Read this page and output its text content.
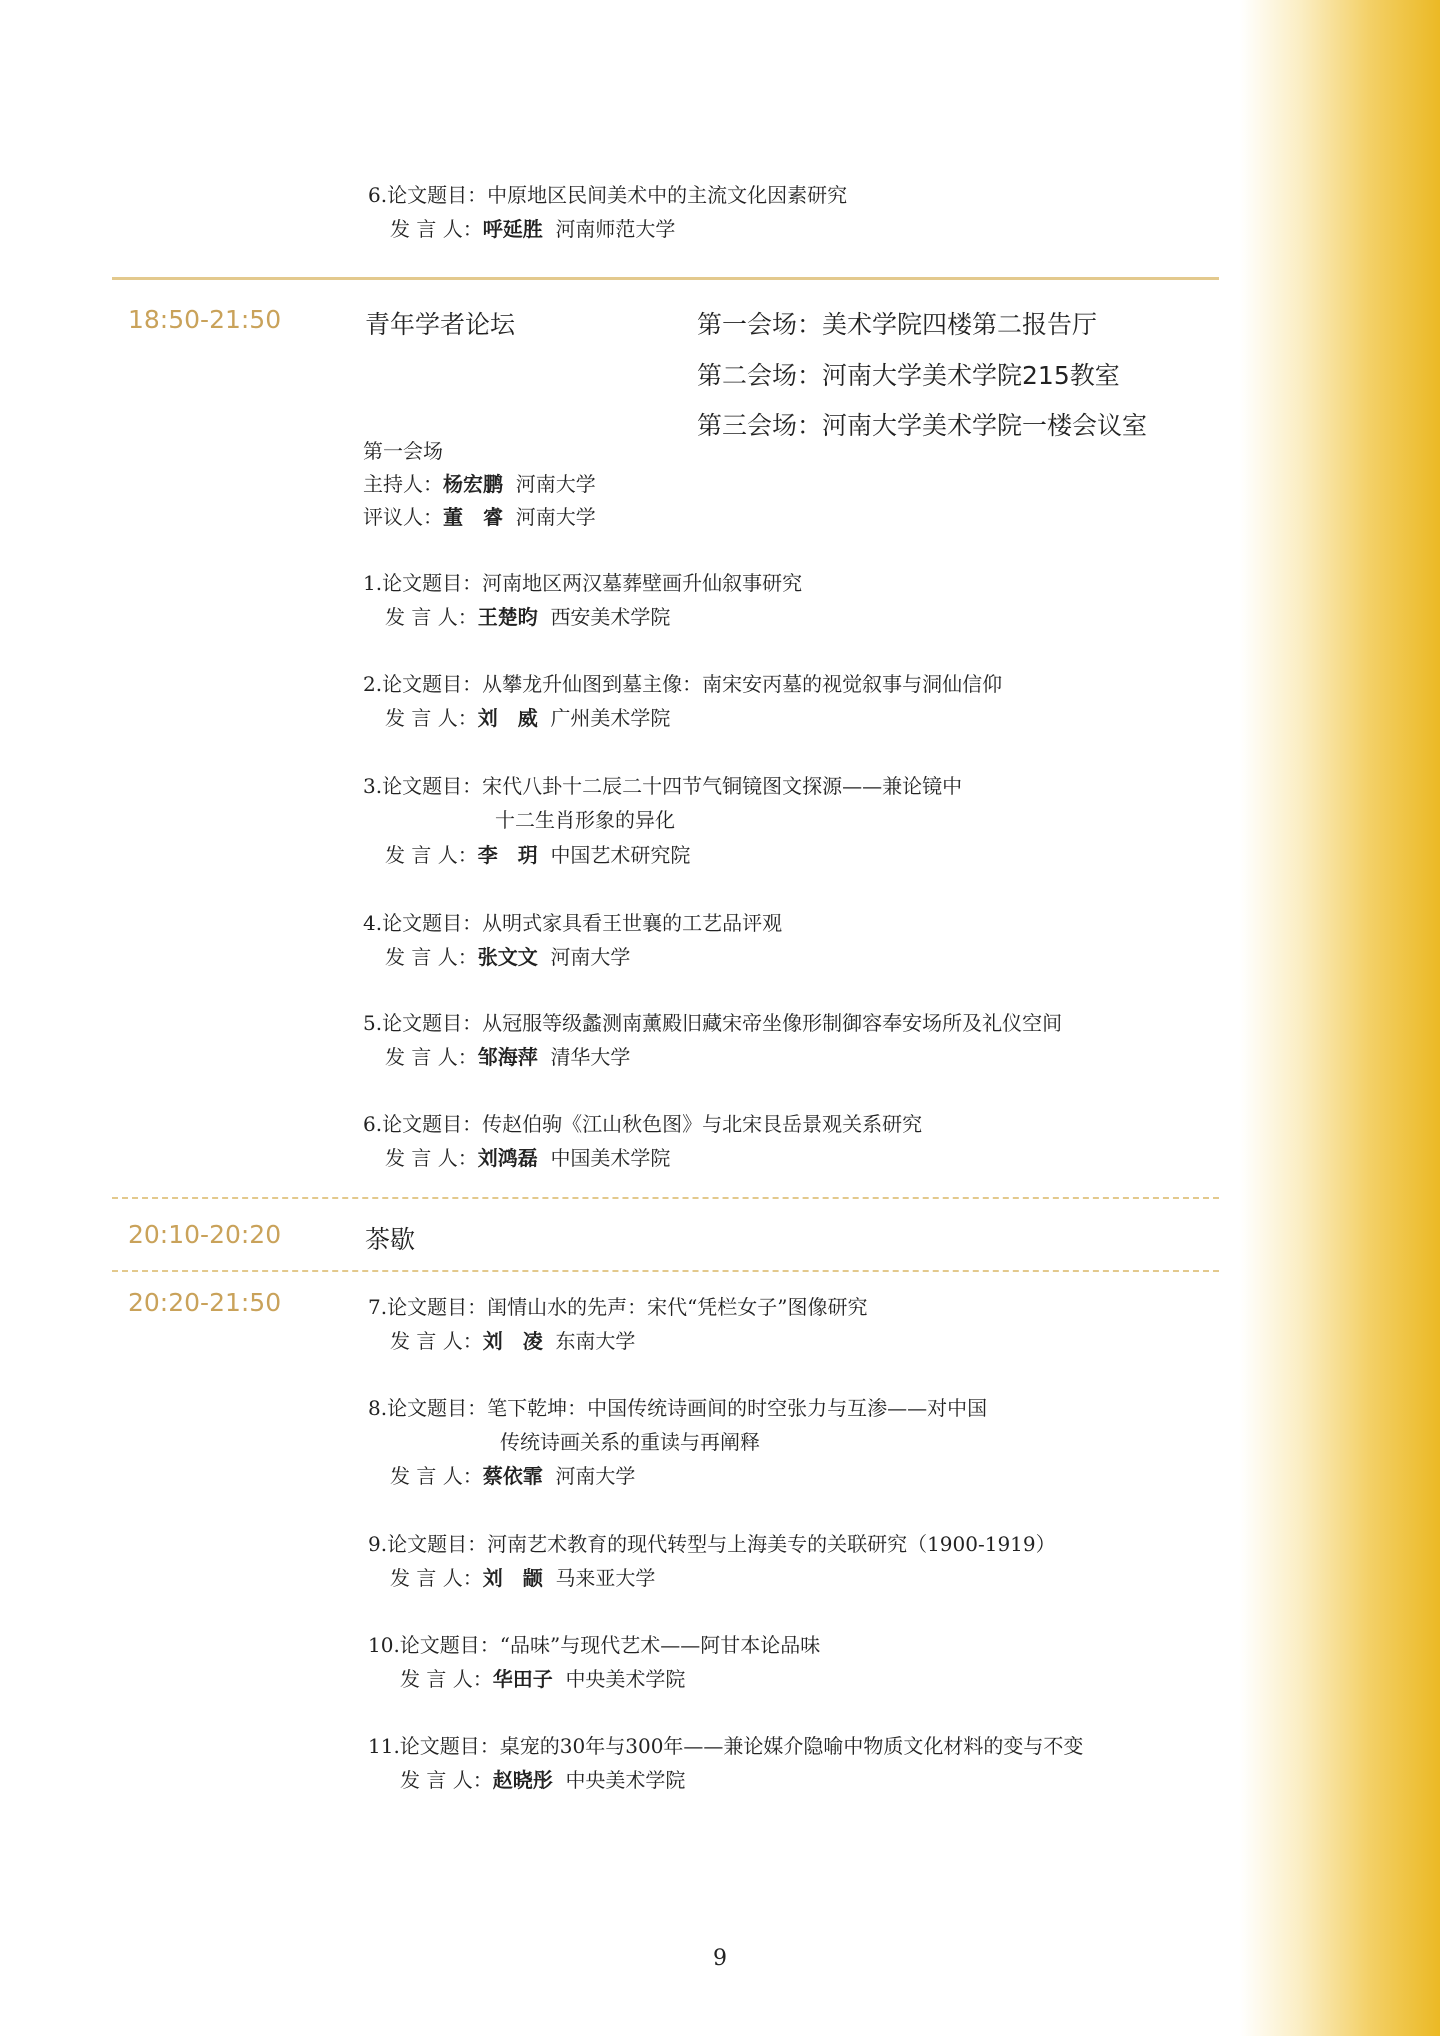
6.论文题目：中原地区民间美术中的主流文化因素研究
发 言 人：呼延胜 河南师范大学
18:50-21:50	青年学者论坛	第一会场：美术学院四楼第二报告厅
第二会场：河南大学美术学院215教室
第三会场：河南大学美术学院一楼会议室
第一会场
主持人：杨宏鹏 河南大学
评议人：董　睿 河南大学
1.论文题目：河南地区两汉墓葬壁画升仙叙事研究
发 言 人：王楚昀 西安美术学院
2.论文题目：从攀龙升仙图到墓主像：南宋安丙墓的视觉叙事与洞仙信仰
发 言 人：刘　威 广州美术学院
3.论文题目：宋代八卦十二辰二十四节气铜镜图文探源——兼论镜中
十二生肖形象的异化
发 言 人：李　玥 中国艺术研究院
4.论文题目：从明式家具看王世襄的工艺品评观
发 言 人：张文文 河南大学
5.论文题目：从冠服等级蠡测南薰殿旧藏宋帝坐像形制御容奉安场所及礼仪空间
发 言 人：邹海萍 清华大学
6.论文题目：传赵伯驹《江山秋色图》与北宋艮岳景观关系研究
发 言 人：刘鸿磊 中国美术学院
20:10-20:20	茶歇
20:20-21:50	7.论文题目：闺情山水的先声：宋代“凭栏女子”图像研究
发 言 人：刘　凌 东南大学
8.论文题目：笔下乾坤：中国传统诗画间的时空张力与互渗——对中国
传统诗画关系的重读与再阐释
发 言 人：蔡依霏 河南大学
9.论文题目：河南艺术教育的现代转型与上海美专的关联研究（1900-1919）
发 言 人：刘　颛 马来亚大学
10.论文题目：“品味”与现代艺术——阿甘本论品味
发 言 人：华田子 中央美术学院
11.论文题目：桌宠的30年与300年——兼论媒介隐喻中物质文化材料的变与不变
发 言 人：赵晓彤 中央美术学院
9
